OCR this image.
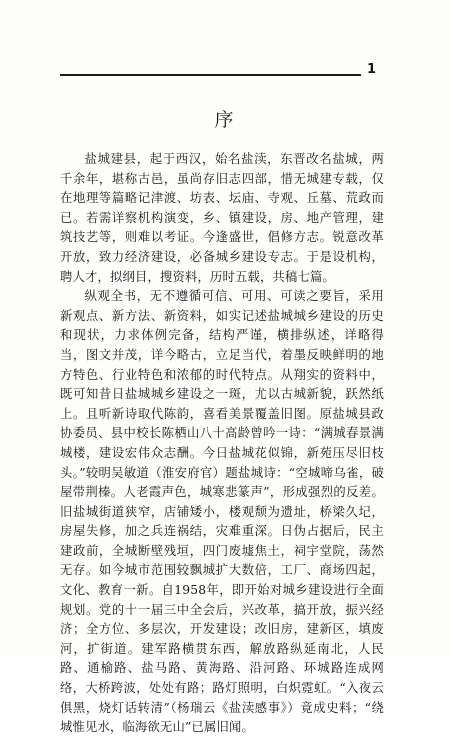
1
序

盐城建县，起于西汉，始名盐渎，东晋改名盐城，两千余年，堪称古邑，虽尚存旧志四部，惜无城建专载，仅在地理等篇略记津渡、坊表、坛庙、寺观、丘墓、荒政而已。若需详察机构演变，乡、镇建设，房、地产管理，建筑技艺等，则难以考证。今逢盛世，倡修方志。锐意改革开放，致力经济建设，必备城乡建设专志。于是设机构，聘人才，拟纲目，搜资料，历时五载，共稿七篇。

纵观全书，无不遵循可信、可用、可读之要旨，采用新观点、新方法、新资料，如实记述盐城城乡建设的历史和现状，力求体例完备，结构严谨，横排纵述，详略得当，图文并茂，详今略古，立足当代，着墨反映鲜明的地方特色、行业特色和浓郁的时代特点。从翔实的资料中，既可知昔日盐城城乡建设之一斑，尤以古城新貌，跃然纸上。且听新诗取代陈韵，喜看美景覆盖旧图。原盐城县政协委员、县中校长陈栖山八十高龄曾吟一诗：“满城春景满城楼，建设宏伟众志酬。今日盐城花似锦，新苑压尽旧枝头。”较明吴敏道（淮安府官）题盐城诗：“空城啼乌雀，破屋带荆榛。人老霞声色，城寒悲篆声”，形成强烈的反差。旧盐城街道狭窄，店铺矮小，楼观颓为遗址，桥梁久圮，房屋失修，加之兵连祸结，灾难重深。日伪占据后，民主建政前，全城断壁残垣，四门废墟焦土，祠宇堂院，荡然无存。如今城市范围较飘城扩大数倍，工厂、商场四起，文化、教育一新。自1958年，即开始对城乡建设进行全面规划。党的十一届三中全会后，兴改革，搞开放，振兴经济；全方位、多层次，开发建设；改旧房，建新区，填废河，扩街道。建军路横贯东西，解放路纵延南北，人民路、通榆路、盐马路、黄海路、沿河路、环城路连成网络，大桥跨波，处处有路；路灯照明，白炽霓虹。“入夜云俱黑，烧灯话转清”（杨瑞云《盐渎感事》）竟成史料；“绕城惟见水，临海欲无山”已属旧闻。
